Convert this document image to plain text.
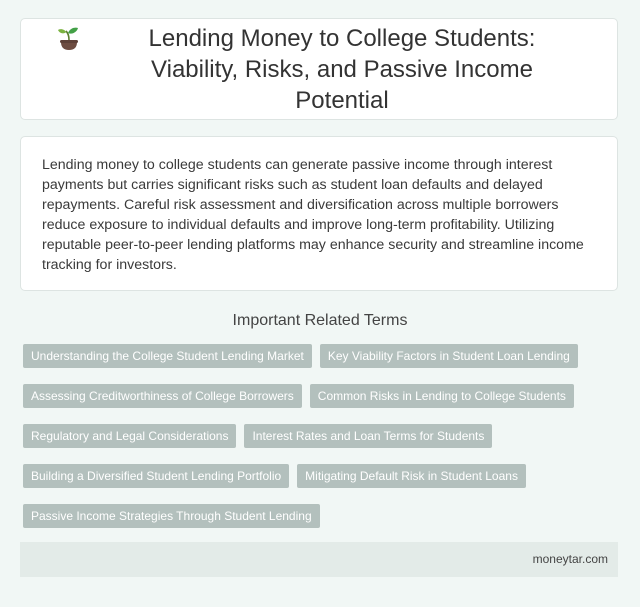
Lending Money to College Students: Viability, Risks, and Passive Income Potential

Lending money to college students can generate passive income through interest payments but carries significant risks such as student loan defaults and delayed repayments. Careful risk assessment and diversification across multiple borrowers reduce exposure to individual defaults and improve long-term profitability. Utilizing reputable peer-to-peer lending platforms may enhance security and streamline income tracking for investors.

Important Related Terms
Understanding the College Student Lending Market	Key Viability Factors in Student Loan Lending
Assessing Creditworthiness of College Borrowers	Common Risks in Lending to College Students
Regulatory and Legal Considerations	Interest Rates and Loan Terms for Students
Building a Diversified Student Lending Portfolio	Mitigating Default Risk in Student Loans
Passive Income Strategies Through Student Lending
moneytar.com
